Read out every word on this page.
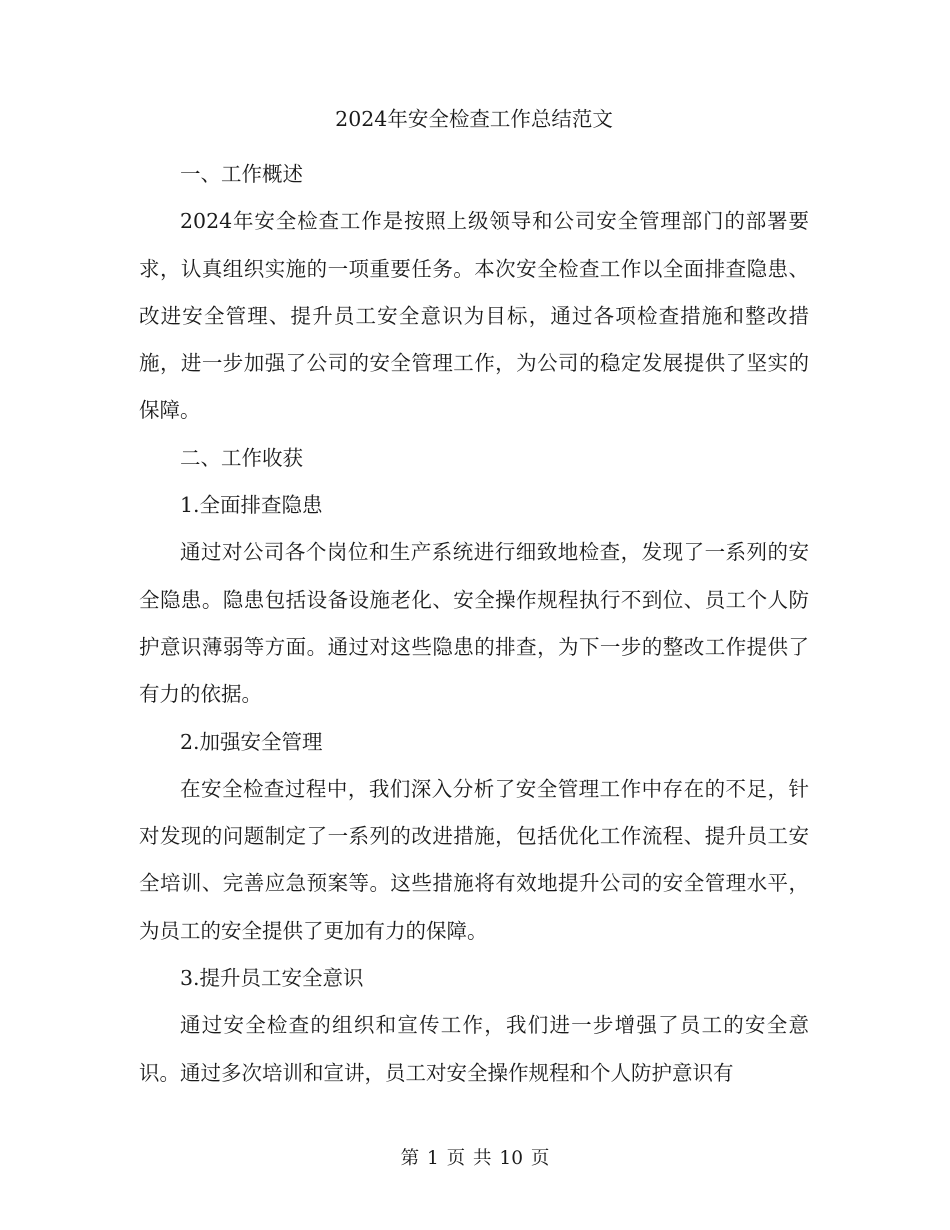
2024年安全检查工作总结范文

一、工作概述

2024年安全检查工作是按照上级领导和公司安全管理部门的部署要求，认真组织实施的一项重要任务。本次安全检查工作以全面排查隐患、改进安全管理、提升员工安全意识为目标，通过各项检查措施和整改措施，进一步加强了公司的安全管理工作，为公司的稳定发展提供了坚实的保障。

二、工作收获

1.全面排查隐患

通过对公司各个岗位和生产系统进行细致地检查，发现了一系列的安全隐患。隐患包括设备设施老化、安全操作规程执行不到位、员工个人防护意识薄弱等方面。通过对这些隐患的排查，为下一步的整改工作提供了有力的依据。

2.加强安全管理

在安全检查过程中，我们深入分析了安全管理工作中存在的不足，针对发现的问题制定了一系列的改进措施，包括优化工作流程、提升员工安全培训、完善应急预案等。这些措施将有效地提升公司的安全管理水平，为员工的安全提供了更加有力的保障。

3.提升员工安全意识

通过安全检查的组织和宣传工作，我们进一步增强了员工的安全意识。通过多次培训和宣讲，员工对安全操作规程和个人防护意识有

第 1 页 共 10 页
